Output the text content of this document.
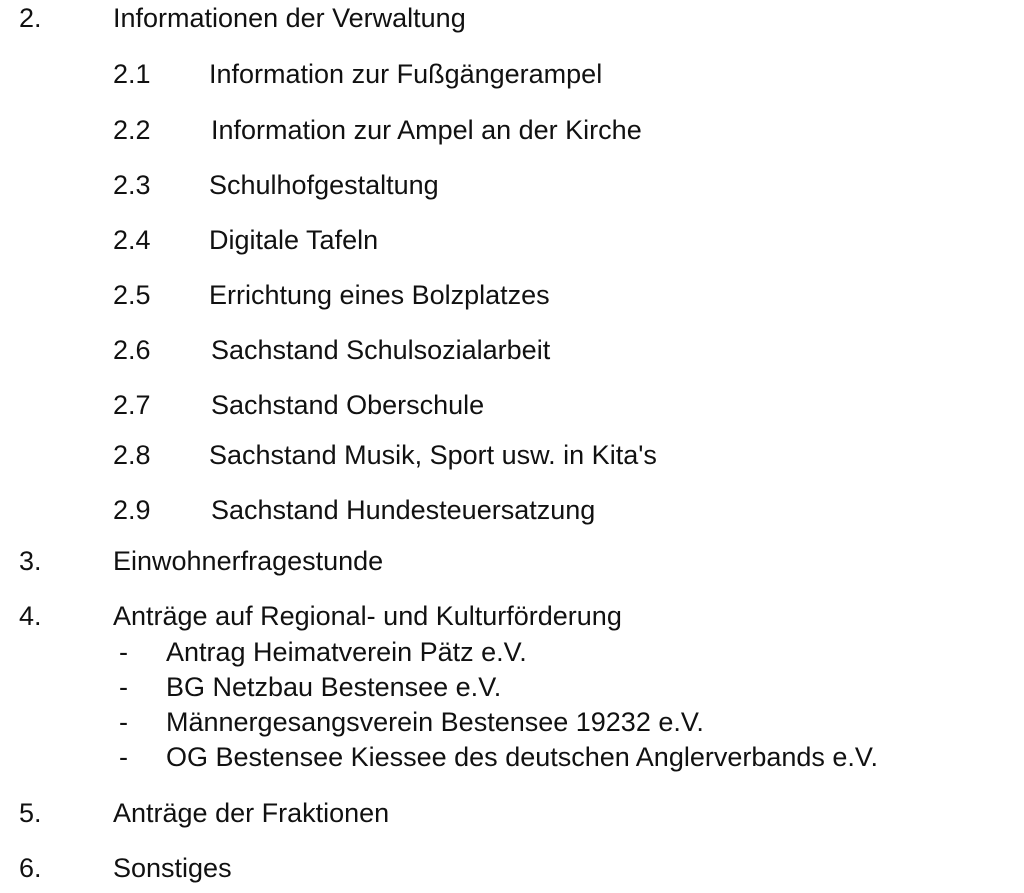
2.	Informationen der Verwaltung
2.1 Information zur Fußgängerampel
2.2 Information zur Ampel an der Kirche
2.3 Schulhofgestaltung
2.4 Digitale Tafeln
2.5 Errichtung eines Bolzplatzes
2.6 Sachstand Schulsozialarbeit
2.7 Sachstand Oberschule
2.8 Sachstand Musik, Sport usw. in Kita's
2.9 Sachstand Hundesteuersatzung
3.	Einwohnerfragestunde
4.	Anträge auf Regional- und Kulturförderung
- Antrag Heimatverein Pätz e.V.
- BG Netzbau Bestensee e.V.
- Männergesangsverein Bestensee 19232 e.V.
- OG Bestensee Kiessee des deutschen Anglerverbands e.V.
5.	Anträge der Fraktionen
6.	Sonstiges
